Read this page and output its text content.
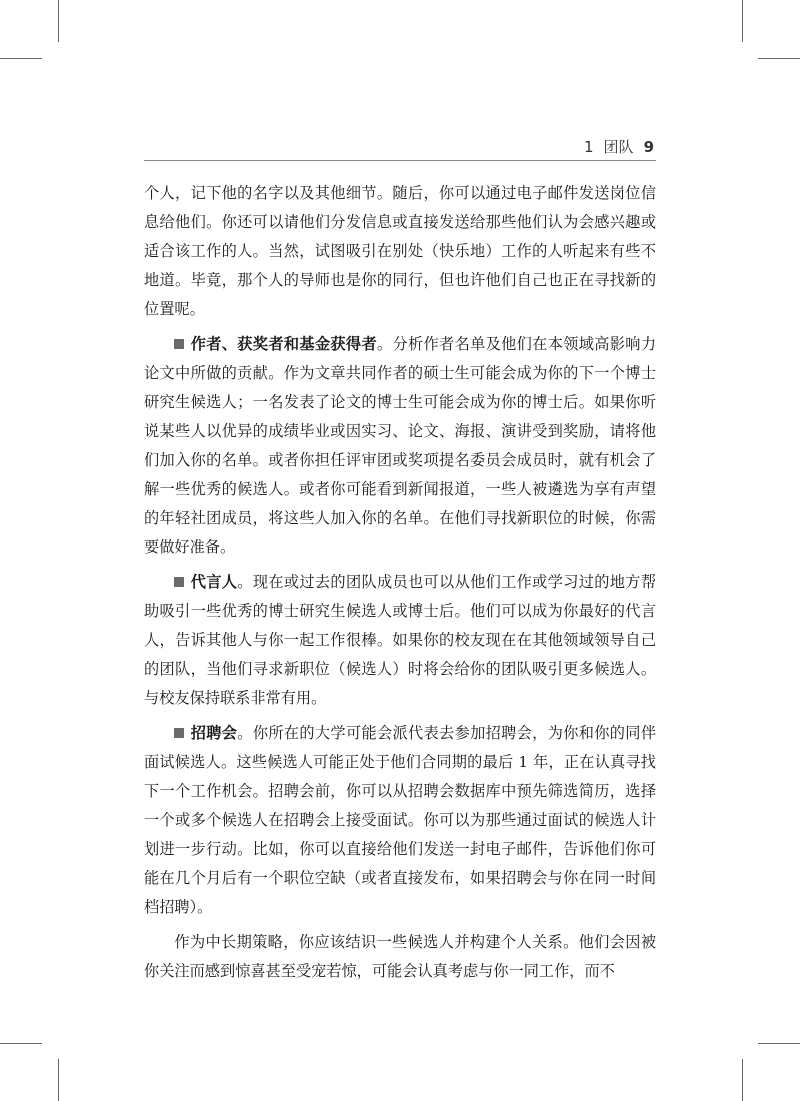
1 团队 9

个人，记下他的名字以及其他细节。随后，你可以通过电子邮件发送岗位信息给他们。你还可以请他们分发信息或直接发送给那些他们认为会感兴趣或适合该工作的人。当然，试图吸引在别处（快乐地）工作的人听起来有些不地道。毕竟，那个人的导师也是你的同行，但也许他们自己也正在寻找新的位置呢。

作者、获奖者和基金获得者。分析作者名单及他们在本领域高影响力论文中所做的贡献。作为文章共同作者的硕士生可能会成为你的下一个博士研究生候选人；一名发表了论文的博士生可能会成为你的博士后。如果你听说某些人以优异的成绩毕业或因实习、论文、海报、演讲受到奖励，请将他们加入你的名单。或者你担任评审团或奖项提名委员会成员时，就有机会了解一些优秀的候选人。或者你可能看到新闻报道，一些人被遴选为享有声望的年轻社团成员，将这些人加入你的名单。在他们寻找新职位的时候，你需要做好准备。

代言人。现在或过去的团队成员也可以从他们工作或学习过的地方帮助吸引一些优秀的博士研究生候选人或博士后。他们可以成为你最好的代言人，告诉其他人与你一起工作很棒。如果你的校友现在在其他领域领导自己的团队，当他们寻求新职位（候选人）时将会给你的团队吸引更多候选人。与校友保持联系非常有用。

招聘会。你所在的大学可能会派代表去参加招聘会，为你和你的同伴面试候选人。这些候选人可能正处于他们合同期的最后 1 年，正在认真寻找下一个工作机会。招聘会前，你可以从招聘会数据库中预先筛选简历，选择一个或多个候选人在招聘会上接受面试。你可以为那些通过面试的候选人计划进一步行动。比如，你可以直接给他们发送一封电子邮件，告诉他们你可能在几个月后有一个职位空缺（或者直接发布，如果招聘会与你在同一时间档招聘）。

作为中长期策略，你应该结识一些候选人并构建个人关系。他们会因被你关注而感到惊喜甚至受宠若惊，可能会认真考虑与你一同工作，而不
